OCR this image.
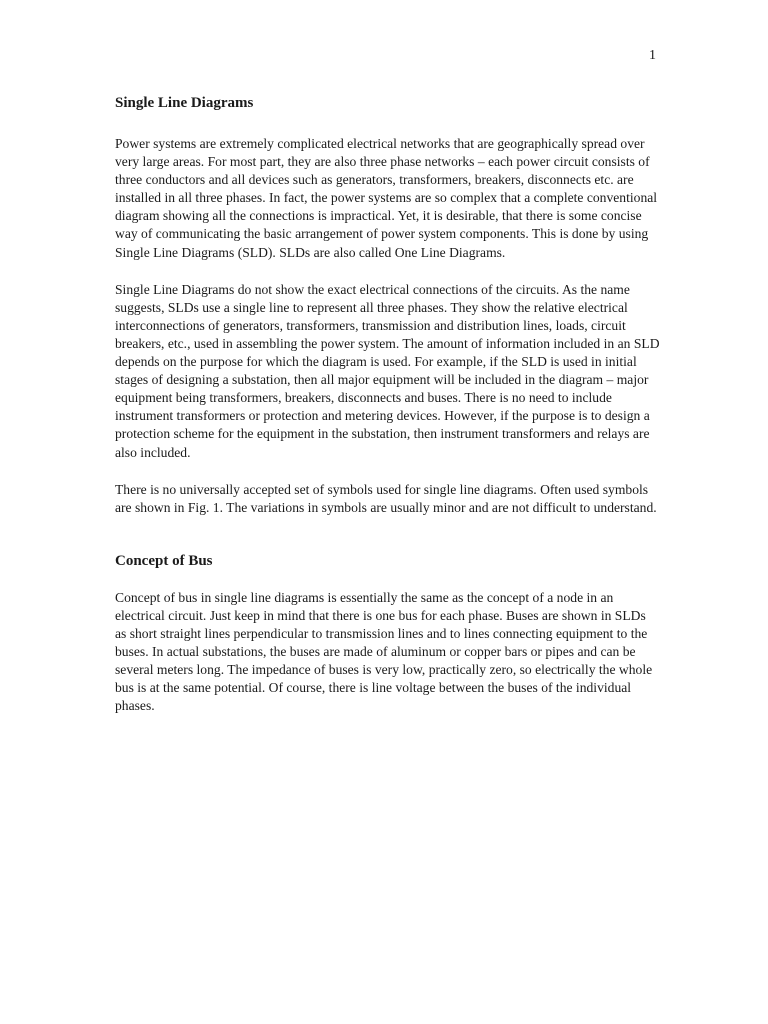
1
Single Line Diagrams

Power systems are extremely complicated electrical networks that are geographically spread over very large areas. For most part, they are also three phase networks – each power circuit consists of three conductors and all devices such as generators, transformers, breakers, disconnects etc. are installed in all three phases. In fact, the power systems are so complex that a complete conventional diagram showing all the connections is impractical. Yet, it is desirable, that there is some concise way of communicating the basic arrangement of power system components. This is done by using Single Line Diagrams (SLD). SLDs are also called One Line Diagrams.

Single Line Diagrams do not show the exact electrical connections of the circuits. As the name suggests, SLDs use a single line to represent all three phases. They show the relative electrical interconnections of generators, transformers, transmission and distribution lines, loads, circuit breakers, etc., used in assembling the power system. The amount of information included in an SLD depends on the purpose for which the diagram is used. For example, if the SLD is used in initial stages of designing a substation, then all major equipment will be included in the diagram – major equipment being transformers, breakers, disconnects and buses. There is no need to include instrument transformers or protection and metering devices. However, if the purpose is to design a protection scheme for the equipment in the substation, then instrument transformers and relays are also included.

There is no universally accepted set of symbols used for single line diagrams. Often used symbols are shown in Fig. 1. The variations in symbols are usually minor and are not difficult to understand.

Concept of Bus

Concept of bus in single line diagrams is essentially the same as the concept of a node in an electrical circuit. Just keep in mind that there is one bus for each phase. Buses are shown in SLDs as short straight lines perpendicular to transmission lines and to lines connecting equipment to the buses. In actual substations, the buses are made of aluminum or copper bars or pipes and can be several meters long. The impedance of buses is very low, practically zero, so electrically the whole bus is at the same potential. Of course, there is line voltage between the buses of the individual phases.
